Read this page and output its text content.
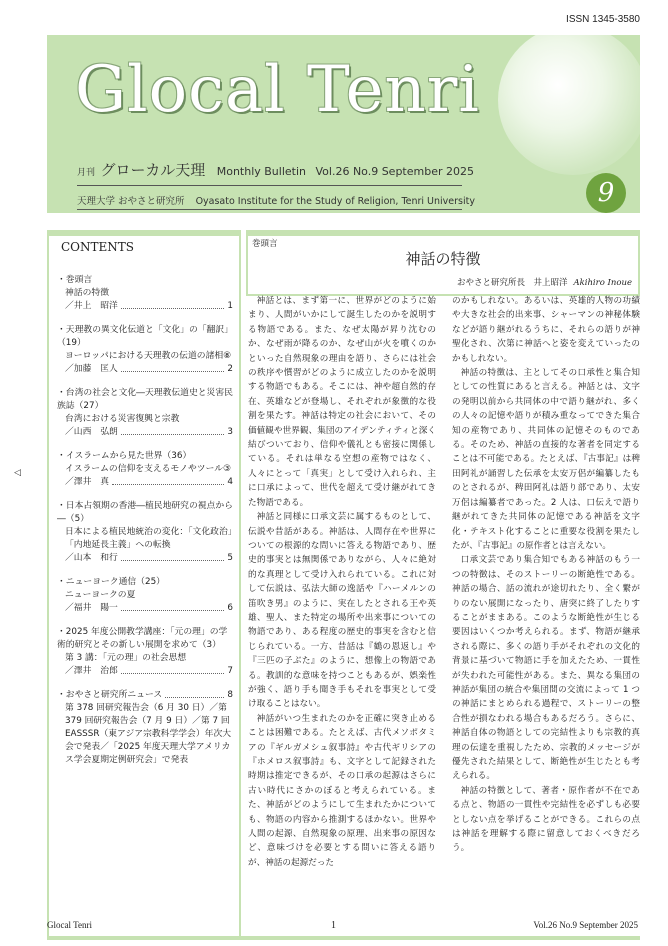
ISSN 1345-3580
Glocal Tenri
月刊 グローカル天理 Monthly Bulletin Vol.26 No.9 September 2025
天理大学 おやさと研究所 Oyasato Institute for the Study of Religion, Tenri University	9
◁
CONTENTS
・巻頭言
神話の特徴
／井上　昭洋	1
・天理教の異文化伝道と「文化」の「翻訳」（19）
ヨーロッパにおける天理教の伝道の諸相⑧
／加藤　匡人	2
・台湾の社会と文化―天理教伝道史と災害民族誌（27）
台湾における災害復興と宗教
／山西　弘朗	3
・イスラームから見た世界（36）
イスラームの信仰を支えるモノやツール③
／澤井　真	4
・日本占領期の香港―植民地研究の視点から―（5）
日本による植民地統治の変化：「文化政治」「内地延長主義」への転換
／山本　和行	5
・ニューヨーク通信（25）
ニューヨークの夏
／福井　陽一	6
・2025 年度公開教学講座：「元の理」の学術的研究とその新しい展開を求めて（3）
第 3 講：「元の理」の社会思想
／澤井　治郎	7
・おやさと研究所ニュース	8
第 378 回研究報告会（6 月 30 日）／第 379 回研究報告会（7 月 9 日）／第 7 回 EASSSR（東アジア宗教科学学会）年次大会で発表／「2025 年度天理大学アメリカス学会夏期定例研究会」で発表
巻頭言
神話の特徴
おやさと研究所長　井上昭洋 Akihiro Inoue

神話とは、まず第一に、世界がどのように始まり、人間がいかにして誕生したのかを説明する物語である。また、なぜ太陽が昇り沈むのか、なぜ雨が降るのか、なぜ山が火を噴くのかといった自然現象の理由を語り、さらには社会の秩序や慣習がどのように成立したのかを説明する物語でもある。そこには、神や超自然的存在、英雄などが登場し、それぞれが象徴的な役割を果たす。神話は特定の社会において、その価値観や世界観、集団のアイデンティティと深く結びついており、信仰や儀礼とも密接に関係している。それは単なる空想の産物ではなく、人々にとって「真実」として受け入れられ、主に口承によって、世代を超えて受け継がれてきた物語である。

神話と同様に口承文芸に属するものとして、伝説や昔話がある。神話は、人間存在や世界についての根源的な問いに答える物語であり、歴史的事実とは無関係でありながら、人々に絶対的な真理として受け入れられている。これに対して伝説は、弘法大師の逸話や『ハーメルンの笛吹き男』のように、実在したとされる王や英雄、聖人、また特定の場所や出来事についての物語であり、ある程度の歴史的事実を含むと信じられている。一方、昔話は『鶴の恩返し』や『三匹の子ぶた』のように、想像上の物語である。教訓的な意味を持つこともあるが、娯楽性が強く、語り手も聞き手もそれを事実として受け取ることはない。

神話がいつ生まれたのかを正確に突き止めることは困難である。たとえば、古代メソポタミアの『ギルガメシュ叙事詩』や古代ギリシアの『ホメロス叙事詩』も、文字として記録された時期は推定できるが、その口承の起源はさらに古い時代にさかのぼると考えられている。また、神話がどのようにして生まれたかについても、物語の内容から推測するほかない。世界や人間の起源、自然現象の原理、出来事の原因など、意味づけを必要とする問いに答える語りが、神話の起源だった

のかもしれない。あるいは、英雄的人物の功績や大きな社会的出来事、シャーマンの神秘体験などが語り継がれるうちに、それらの語りが神聖化され、次第に神話へと姿を変えていったのかもしれない。

神話の特徴は、主としてその口承性と集合知としての性質にあると言える。神話とは、文字の発明以前から共同体の中で語り継がれ、多くの人々の記憶や語りが積み重なってできた集合知の産物であり、共同体の記憶そのものである。そのため、神話の直接的な著者を同定することは不可能である。たとえば、『古事記』は稗田阿礼が誦習した伝承を太安万侶が編纂したものとされるが、稗田阿礼は語り部であり、太安万侶は編纂者であった。2 人は、口伝えで語り継がれてきた共同体の記憶である神話を文字化・テキスト化することに重要な役割を果たしたが、『古事記』の原作者とは言えない。

口承文芸であり集合知でもある神話のもう一つの特徴は、そのストーリーの断絶性である。神話の場合、話の流れが途切れたり、全く繋がりのない展開になったり、唐突に終了したりすることがままある。このような断絶性が生じる要因はいくつか考えられる。まず、物語が継承される際に、多くの語り手がそれぞれの文化的背景に基づいて物語に手を加えたため、一貫性が失われた可能性がある。また、異なる集団の神話が集団の統合や集団間の交流によって 1 つの神話にまとめられる過程で、ストーリーの整合性が損なわれる場合もあるだろう。さらに、神話自体の物語としての完結性よりも宗教的真理の伝達を重視したため、宗教的メッセージが優先された結果として、断絶性が生じたとも考えられる。

神話の特徴として、著者・原作者が不在である点と、物語の一貫性や完結性を必ずしも必要としない点を挙げることができる。これらの点は神話を理解する際に留意しておくべきだろう。

Glocal Tenri	1	Vol.26 No.9 September 2025
